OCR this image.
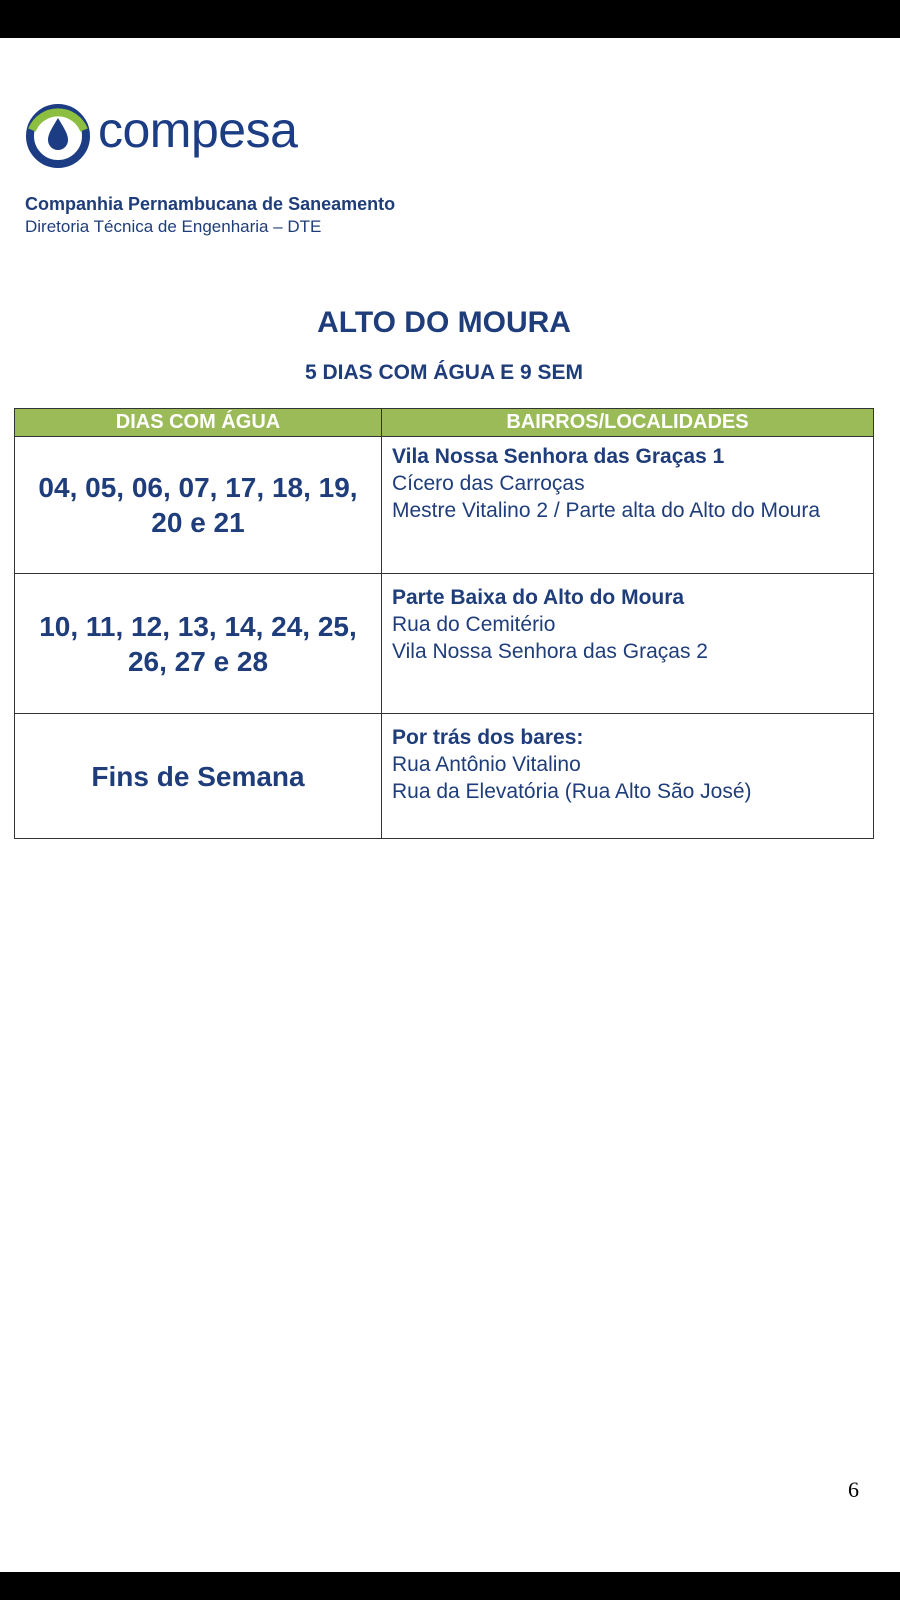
compesa
Companhia Pernambucana de Saneamento
Diretoria Técnica de Engenharia – DTE
ALTO DO MOURA
5 DIAS COM ÁGUA E 9 SEM
DIAS COM ÁGUA	BAIRROS/LOCALIDADES
04, 05, 06, 07, 17, 18, 19, 20 e 21	Vila Nossa Senhora das Graças 1
Cícero das Carroças
Mestre Vitalino 2 / Parte alta do Alto do Moura

10, 11, 12, 13, 14, 24, 25, 26, 27 e 28	Parte Baixa do Alto do Moura
Rua do Cemitério
Vila Nossa Senhora das Graças 2

Fins de Semana	Por trás dos bares:
Rua Antônio Vitalino
Rua da Elevatória (Rua Alto São José)
6
